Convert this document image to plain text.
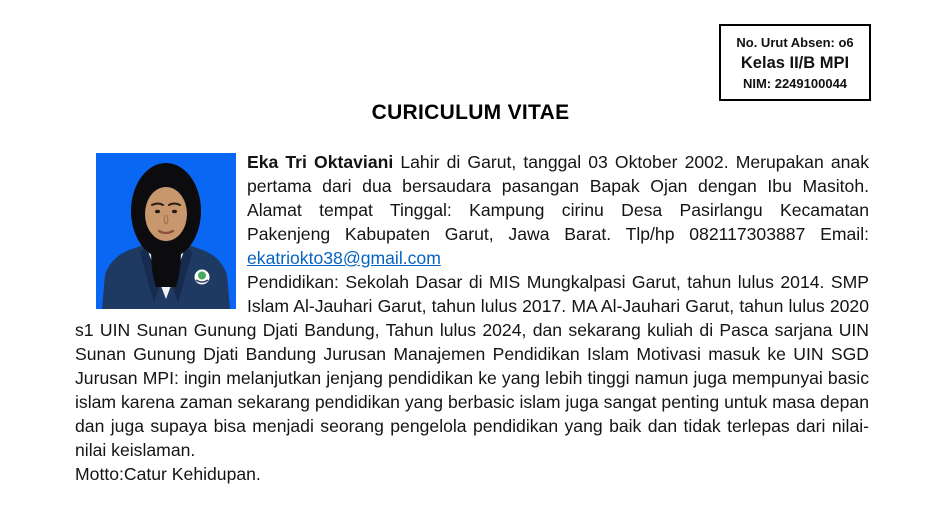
No. Urut Absen: o6
Kelas II/B MPI
NIM: 2249100044
CURICULUM VITAE
Eka Tri Oktaviani Lahir di Garut, tanggal 03 Oktober 2002. Merupakan anak pertama dari dua bersaudara pasangan Bapak Ojan dengan Ibu Masitoh. Alamat tempat Tinggal: Kampung cirinu Desa Pasirlangu Kecamatan Pakenjeng Kabupaten Garut, Jawa Barat. Tlp/hp 082117303887 Email: ekatriokto38@gmail.com
Pendidikan: Sekolah Dasar di MIS Mungkalpasi Garut, tahun lulus 2014. SMP Islam Al-Jauhari Garut, tahun lulus 2017. MA Al-Jauhari Garut, tahun lulus 2020 s1 UIN Sunan Gunung Djati Bandung, Tahun lulus 2024, dan sekarang kuliah di Pasca sarjana UIN Sunan Gunung Djati Bandung Jurusan Manajemen Pendidikan Islam Motivasi masuk ke UIN SGD Jurusan MPI: ingin melanjutkan jenjang pendidikan ke yang lebih tinggi namun juga mempunyai basic islam karena zaman sekarang pendidikan yang berbasic islam juga sangat penting untuk masa depan dan juga supaya bisa menjadi seorang pengelola pendidikan yang baik dan tidak terlepas dari nilai-nilai keislaman.
Motto:Catur Kehidupan.
